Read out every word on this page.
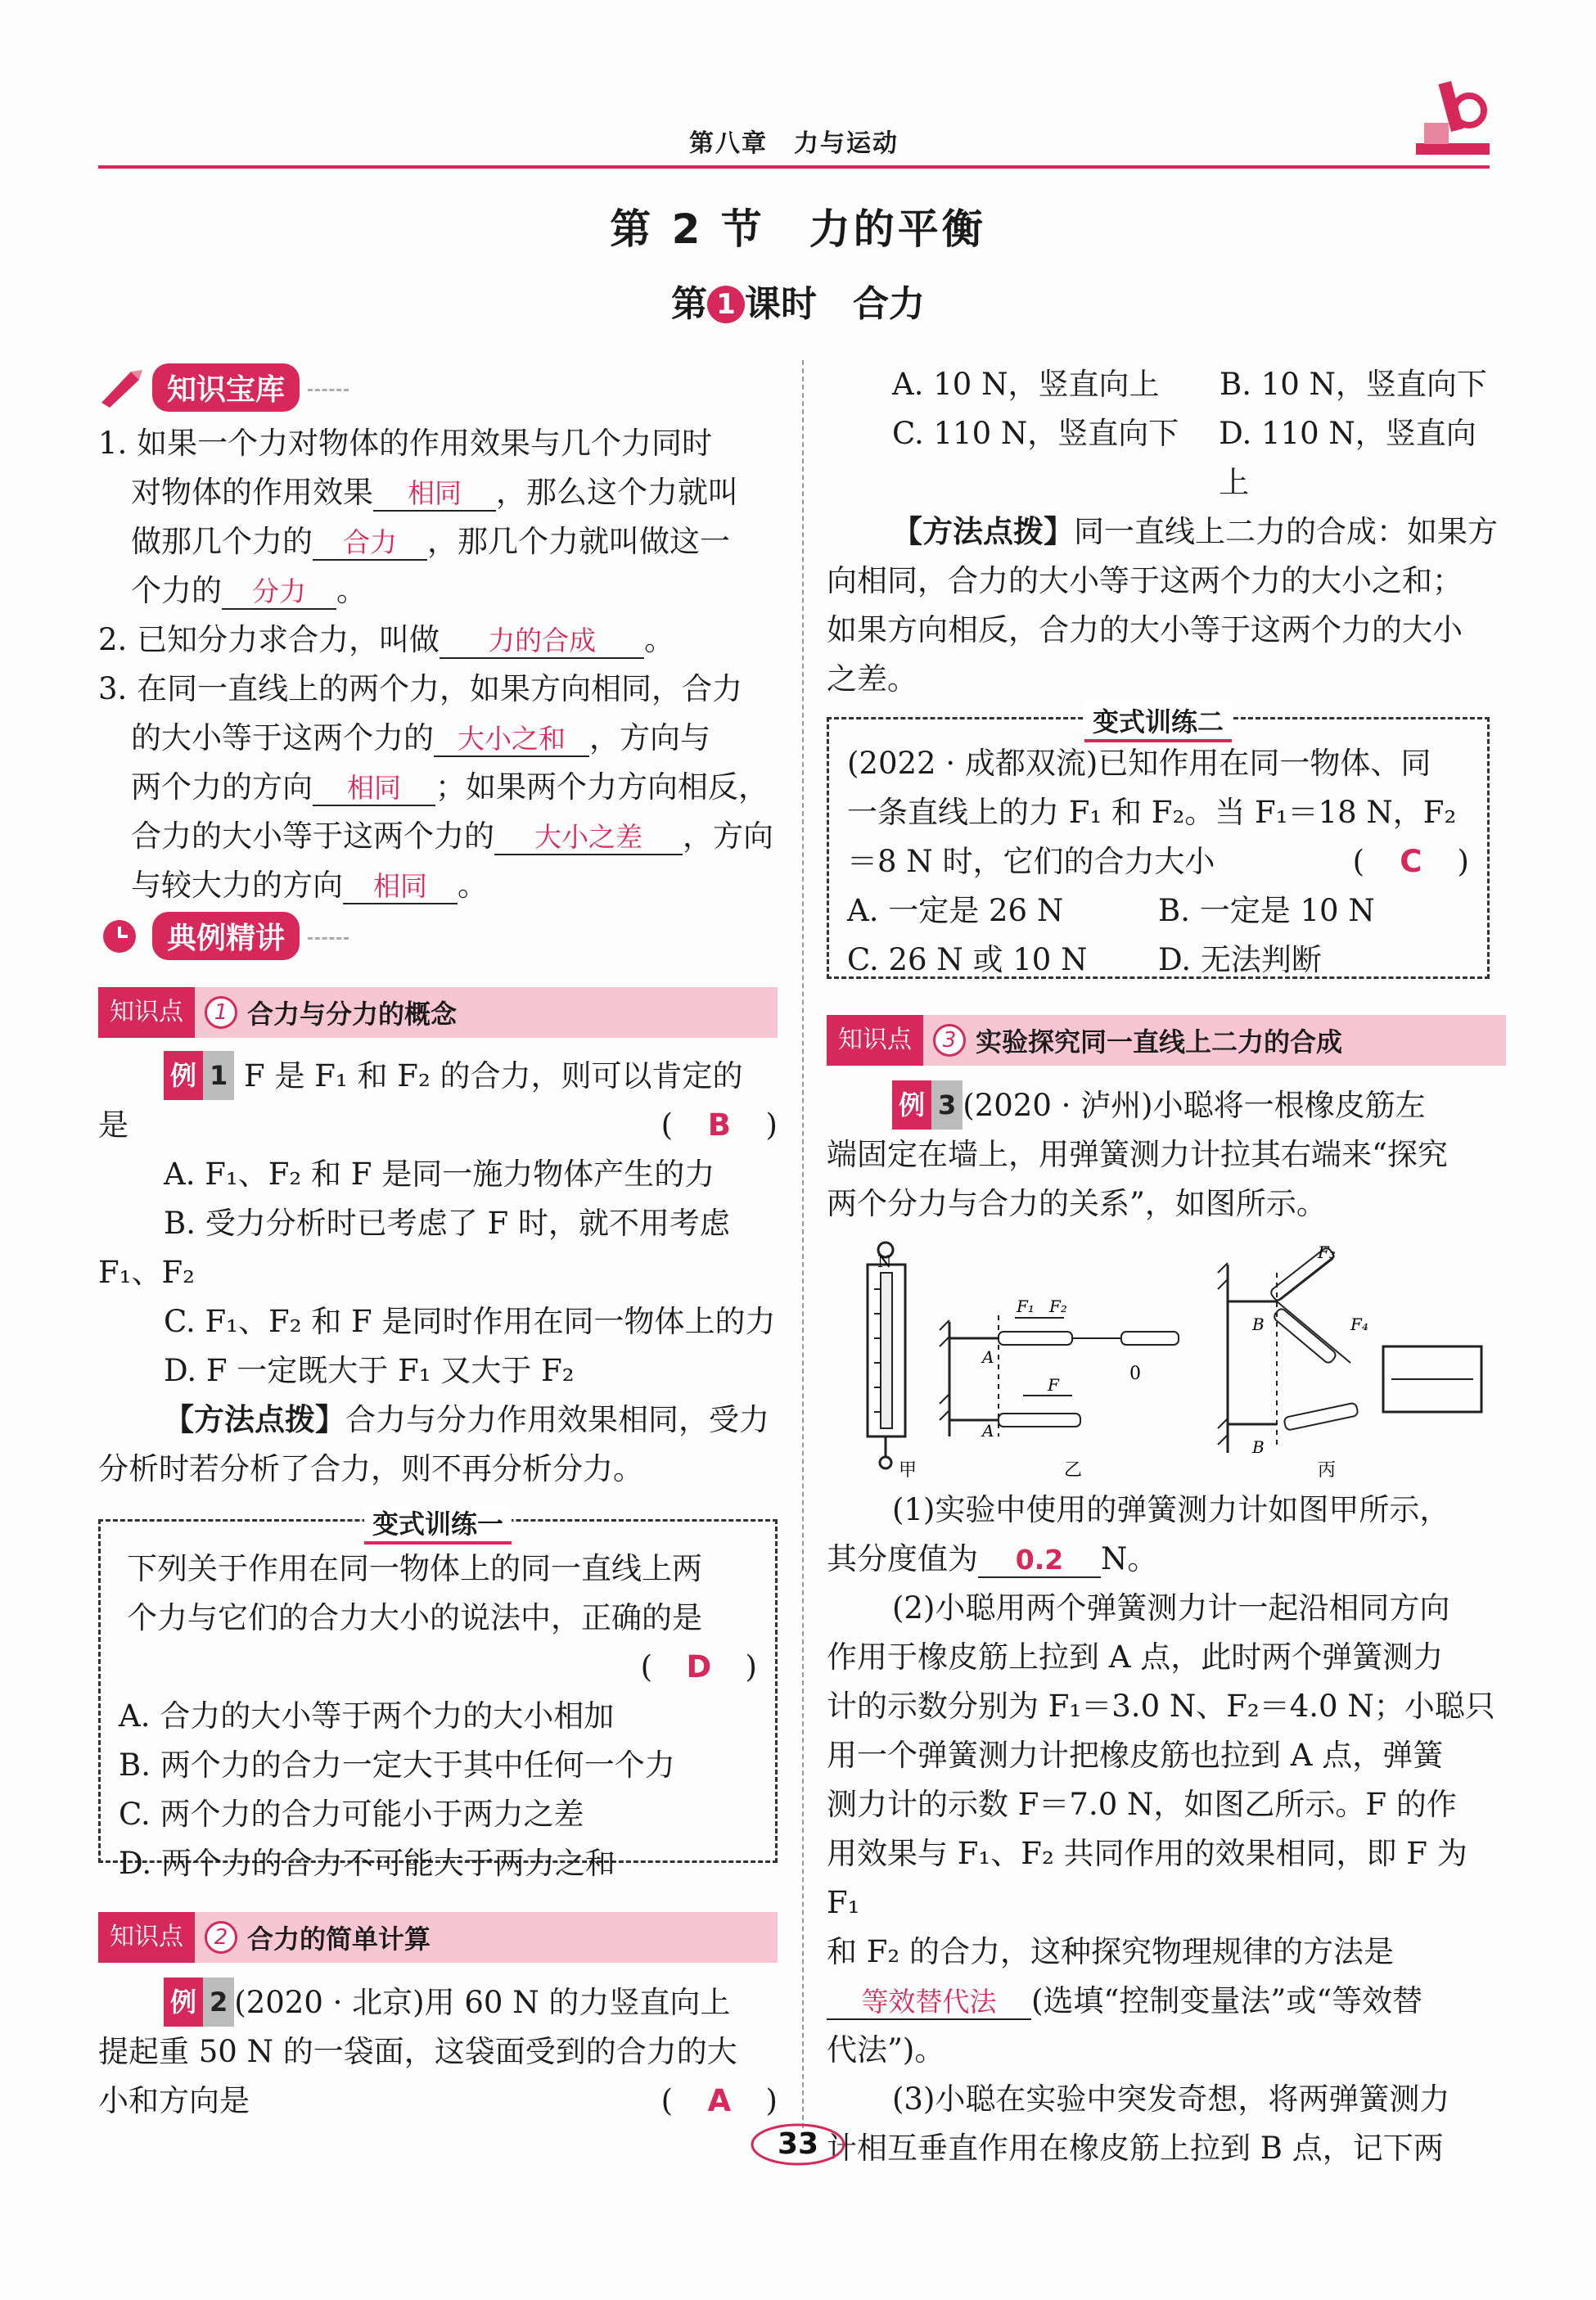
第八章　力与运动
第 2 节　力的平衡
第 1 课时　合力
知识宝库
1. 如果一个力对物体的作用效果与几个力同时
对物体的作用效果 相同 ，那么这个力就叫
做那几个力的 合力 ，那几个力就叫做这一
个力的 分力 。
2. 已知分力求合力，叫做 力的合成 。
3. 在同一直线上的两个力，如果方向相同，合力
的大小等于这两个力的 大小之和 ，方向与
两个力的方向 相同 ；如果两个力方向相反，
合力的大小等于这两个力的 大小之差 ，方向
与较大力的方向 相同 。
典例精讲
知识点	1 合力与分力的概念
例 1 F 是 F₁ 和 F₂ 的合力，则可以肯定的
是	( B )
A. F₁、F₂ 和 F 是同一施力物体产生的力
B. 受力分析时已考虑了 F 时，就不用考虑
F₁、F₂
C. F₁、F₂ 和 F 是同时作用在同一物体上的力
D. F 一定既大于 F₁ 又大于 F₂
【方法点拨】合力与分力作用效果相同，受力
分析时若分析了合力，则不再分析分力。
变式训练一
下列关于作用在同一物体上的同一直线上两
个力与它们的合力大小的说法中，正确的是
( D )
A. 合力的大小等于两个力的大小相加
B. 两个力的合力一定大于其中任何一个力
C. 两个力的合力可能小于两力之差
D. 两个力的合力不可能大于两力之和
知识点	2 合力的简单计算
例 2 (2020 · 北京)用 60 N 的力竖直向上
提起重 50 N 的一袋面，这袋面受到的合力的大
小和方向是	( A )
A. 10 N，竖直向上	B. 10 N，竖直向下
C. 110 N，竖直向下	D. 110 N，竖直向上
【方法点拨】同一直线上二力的合成：如果方
向相同，合力的大小等于这两个力的大小之和；
如果方向相反，合力的大小等于这两个力的大小
之差。
变式训练二
(2022 · 成都双流)已知作用在同一物体、同
一条直线上的力 F₁ 和 F₂。当 F₁＝18 N，F₂
＝8 N 时，它们的合力大小	( C )
A. 一定是 26 N	B. 一定是 10 N
C. 26 N 或 10 N	D. 无法判断
知识点	3 实验探究同一直线上二力的合成
例 3 (2020 · 泸州)小聪将一根橡皮筋左
端固定在墙上，用弹簧测力计拉其右端来“探究
两个分力与合力的关系”，如图所示。
N
甲
F₁ F₂
F
A
A
0
乙
F₃
F₄
B
B
丙
(1)实验中使用的弹簧测力计如图甲所示，
其分度值为 0.2 N。
(2)小聪用两个弹簧测力计一起沿相同方向
作用于橡皮筋上拉到 A 点，此时两个弹簧测力
计的示数分别为 F₁＝3.0 N、F₂＝4.0 N；小聪只
用一个弹簧测力计把橡皮筋也拉到 A 点，弹簧
测力计的示数 F＝7.0 N，如图乙所示。F 的作
用效果与 F₁、F₂ 共同作用的效果相同，即 F 为 F₁
和 F₂ 的合力，这种探究物理规律的方法是
等效替代法 (选填“控制变量法”或“等效替
代法”)。
(3)小聪在实验中突发奇想，将两弹簧测力
计相互垂直作用在橡皮筋上拉到 B 点，记下两
33
